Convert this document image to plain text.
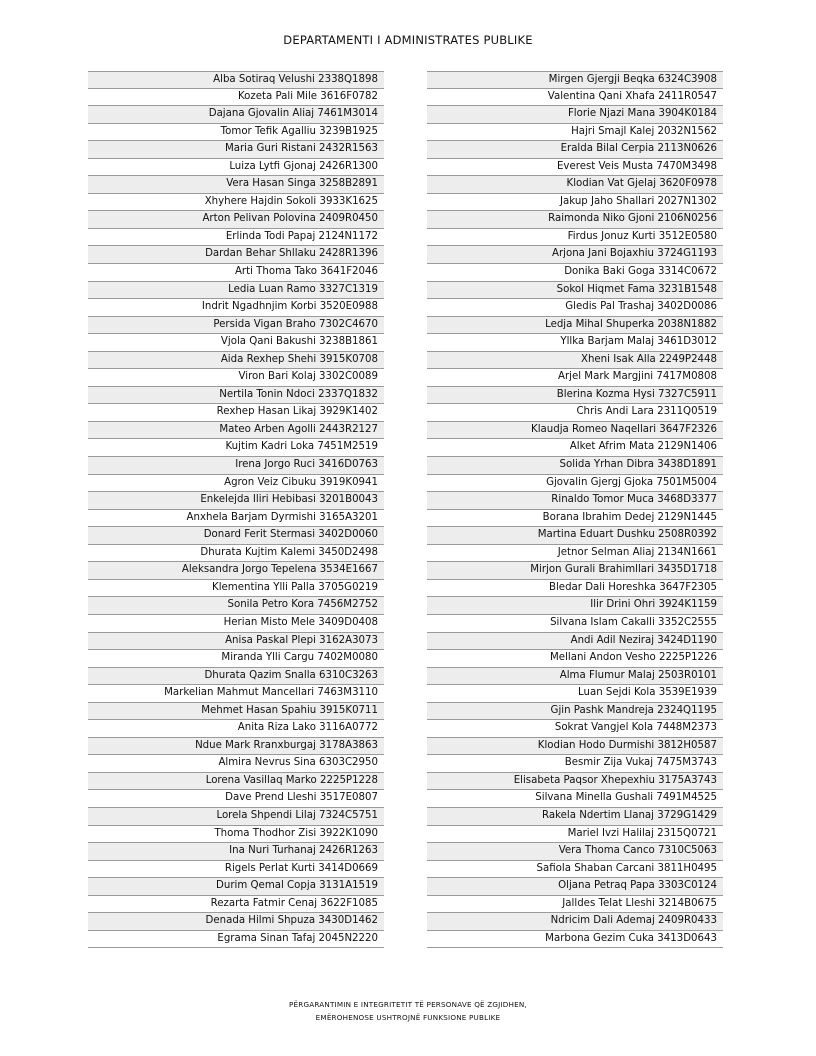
DEPARTAMENTI I ADMINISTRATES PUBLIKE
Alba Sotiraq Velushi 2338Q1898
Kozeta Pali Mile 3616F0782
Dajana Gjovalin Aliaj 7461M3014
Tomor Tefik Agalliu 3239B1925
Maria Guri Ristani 2432R1563
Luiza Lytfi Gjonaj 2426R1300
Vera Hasan Singa 3258B2891
Xhyhere Hajdin Sokoli 3933K1625
Arton Pelivan Polovina 2409R0450
Erlinda Todi Papaj 2124N1172
Dardan Behar Shllaku 2428R1396
Arti Thoma Tako 3641F2046
Ledia Luan Ramo 3327C1319
Indrit Ngadhnjim Korbi 3520E0988
Persida Vigan Braho 7302C4670
Vjola Qani Bakushi 3238B1861
Aida Rexhep Shehi 3915K0708
Viron Bari Kolaj 3302C0089
Nertila Tonin Ndoci 2337Q1832
Rexhep Hasan Likaj 3929K1402
Mateo Arben Agolli 2443R2127
Kujtim Kadri Loka 7451M2519
Irena Jorgo Ruci 3416D0763
Agron Veiz Cibuku 3919K0941
Enkelejda Iliri Hebibasi 3201B0043
Anxhela Barjam Dyrmishi 3165A3201
Donard Ferit Stermasi 3402D0060
Dhurata Kujtim Kalemi 3450D2498
Aleksandra Jorgo Tepelena 3534E1667
Klementina Ylli Palla 3705G0219
Sonila Petro Kora 7456M2752
Herian Misto Mele 3409D0408
Anisa Paskal Plepi 3162A3073
Miranda Ylli Cargu 7402M0080
Dhurata Qazim Snalla 6310C3263
Markelian Mahmut Mancellari 7463M3110
Mehmet Hasan Spahiu 3915K0711
Anita Riza Lako 3116A0772
Ndue Mark Rranxburgaj 3178A3863
Almira Nevrus Sina 6303C2950
Lorena Vasillaq Marko 2225P1228
Dave Prend Lleshi 3517E0807
Lorela Shpendi Lilaj 7324C5751
Thoma Thodhor Zisi 3922K1090
Ina Nuri Turhanaj 2426R1263
Rigels Perlat Kurti 3414D0669
Durim Qemal Copja 3131A1519
Rezarta Fatmir Cenaj 3622F1085
Denada Hilmi Shpuza 3430D1462
Egrama Sinan Tafaj 2045N2220
Mirgen Gjergji Beqka 6324C3908
Valentina Qani Xhafa 2411R0547
Florie Njazi Mana 3904K0184
Hajri Smajl Kalej 2032N1562
Eralda Bilal Cerpia 2113N0626
Everest Veis Musta 7470M3498
Klodian Vat Gjelaj 3620F0978
Jakup Jaho Shallari 2027N1302
Raimonda Niko Gjoni 2106N0256
Firdus Jonuz Kurti 3512E0580
Arjona Jani Bojaxhiu 3724G1193
Donika Baki Goga 3314C0672
Sokol Hiqmet Fama 3231B1548
Gledis Pal Trashaj 3402D0086
Ledja Mihal Shuperka 2038N1882
Yllka Barjam Malaj 3461D3012
Xheni Isak Alla 2249P2448
Arjel Mark Margjini 7417M0808
Blerina Kozma Hysi 7327C5911
Chris Andi Lara 2311Q0519
Klaudja Romeo Naqellari 3647F2326
Alket Afrim Mata 2129N1406
Solida Yrhan Dibra 3438D1891
Gjovalin Gjergj Gjoka 7501M5004
Rinaldo Tomor Muca 3468D3377
Borana Ibrahim Dedej 2129N1445
Martina Eduart Dushku 2508R0392
Jetnor Selman Aliaj 2134N1661
Mirjon Gurali Brahimllari 3435D1718
Bledar Dali Horeshka 3647F2305
Ilir Drini Ohri 3924K1159
Silvana Islam Cakalli 3352C2555
Andi Adil Neziraj 3424D1190
Mellani Andon Vesho 2225P1226
Alma Flumur Malaj 2503R0101
Luan Sejdi Kola 3539E1939
Gjin Pashk Mandreja 2324Q1195
Sokrat Vangjel Kola 7448M2373
Klodian Hodo Durmishi 3812H0587
Besmir Zija Vukaj 7475M3743
Elisabeta Paqsor Xhepexhiu 3175A3743
Silvana Minella Gushali 7491M4525
Rakela Ndertim Llanaj 3729G1429
Mariel Ivzi Halilaj 2315Q0721
Vera Thoma Canco 7310C5063
Safiola Shaban Carcani 3811H0495
Oljana Petraq Papa 3303C0124
Jalldes Telat Lleshi 3214B0675
Ndricim Dali Ademaj 2409R0433
Marbona Gezim Cuka 3413D0643
PËRGARANTIMIN E INTEGRITETIT TË PERSONAVE QË ZGJIDHEN,
EMËROHENOSE USHTROJNË FUNKSIONE PUBLIKE
